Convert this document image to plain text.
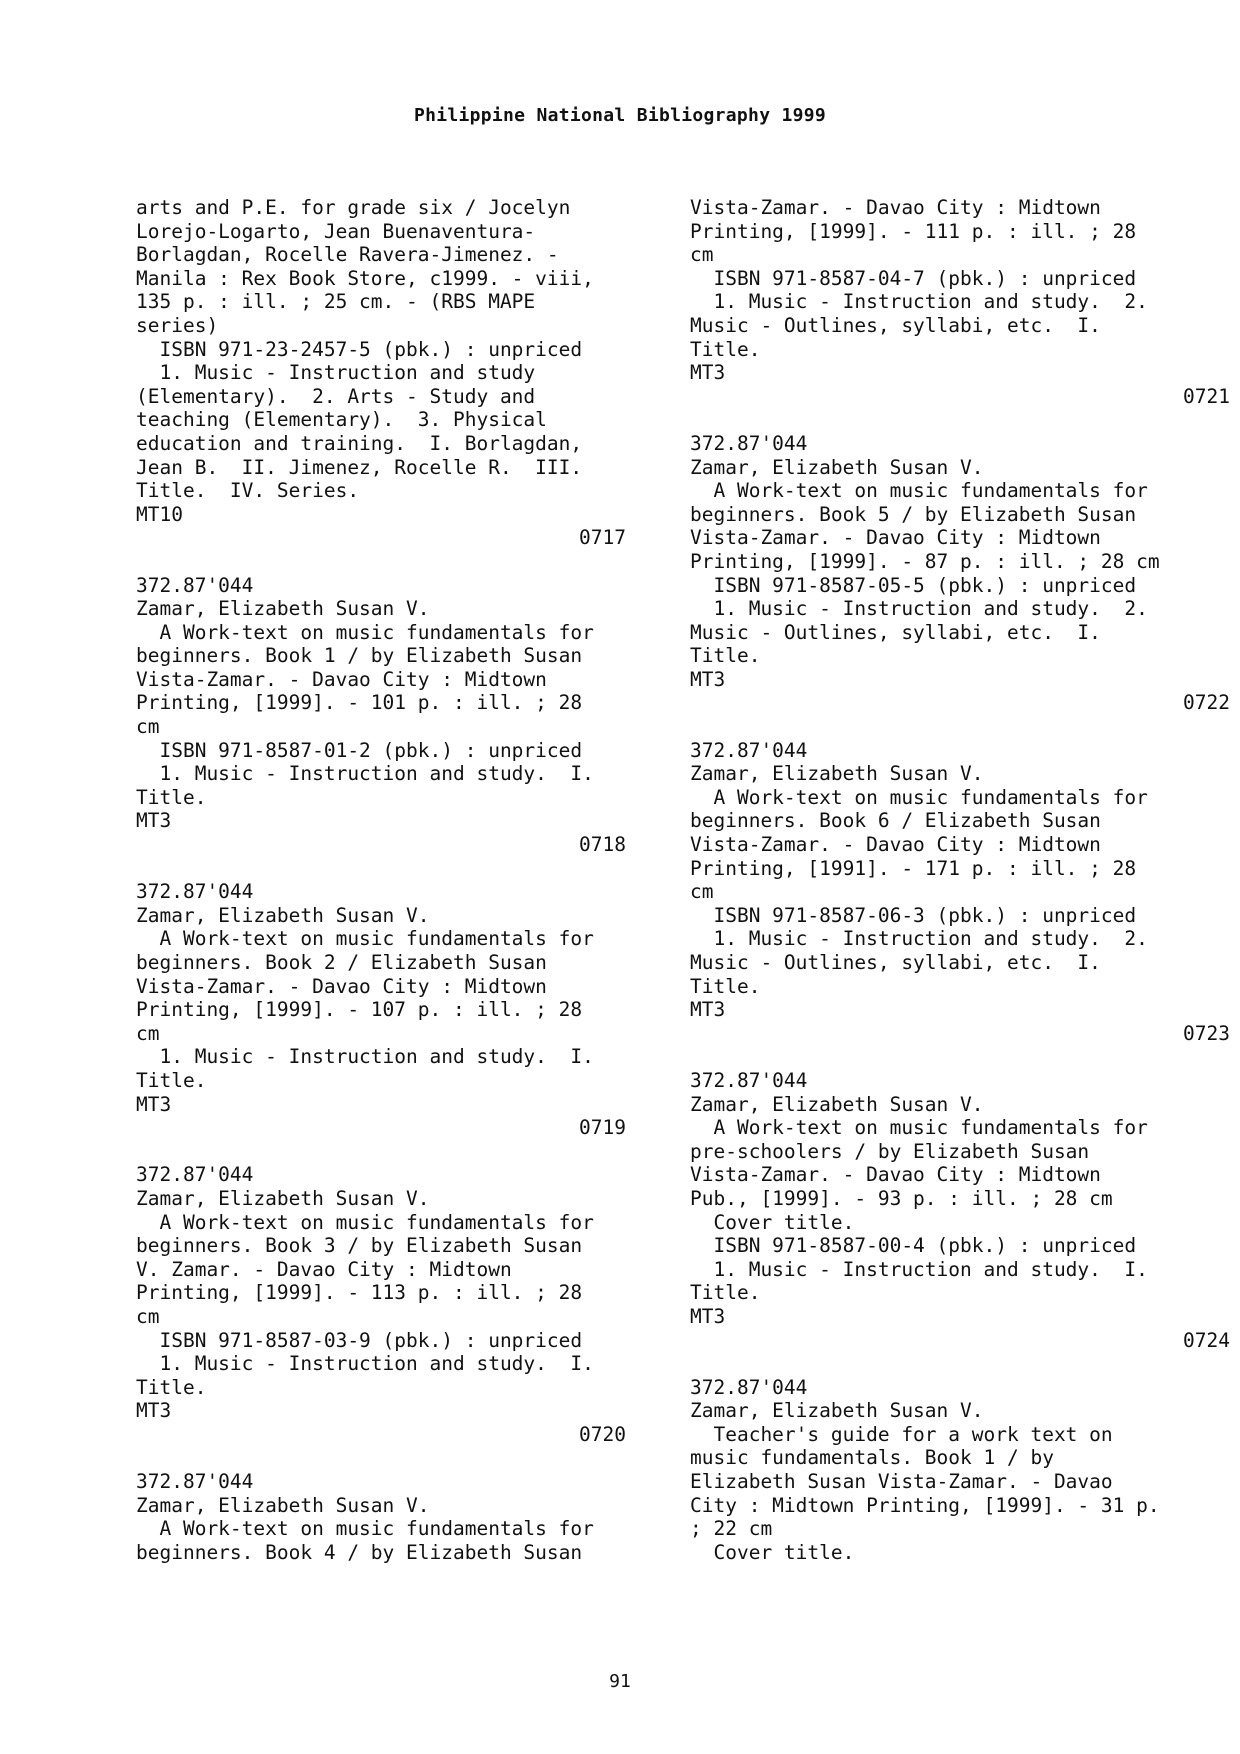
Philippine National Bibliography 1999
arts and P.E. for grade six / Jocelyn
Lorejo-Logarto, Jean Buenaventura-
Borlagdan, Rocelle Ravera-Jimenez. -
Manila : Rex Book Store, c1999. - viii,
135 p. : ill. ; 25 cm. - (RBS MAPE
series)
ISBN 971-23-2457-5 (pbk.) : unpriced
1. Music - Instruction and study
(Elementary).  2. Arts - Study and
teaching (Elementary).  3. Physical
education and training.  I. Borlagdan,
Jean B.  II. Jimenez, Rocelle R.  III.
Title.  IV. Series.
MT10
0717
372.87'044
Zamar, Elizabeth Susan V.
A Work-text on music fundamentals for
beginners. Book 1 / by Elizabeth Susan
Vista-Zamar. - Davao City : Midtown
Printing, [1999]. - 101 p. : ill. ; 28
cm
ISBN 971-8587-01-2 (pbk.) : unpriced
1. Music - Instruction and study.  I.
Title.
MT3
0718
372.87'044
Zamar, Elizabeth Susan V.
A Work-text on music fundamentals for
beginners. Book 2 / Elizabeth Susan
Vista-Zamar. - Davao City : Midtown
Printing, [1999]. - 107 p. : ill. ; 28
cm
1. Music - Instruction and study.  I.
Title.
MT3
0719
372.87'044
Zamar, Elizabeth Susan V.
A Work-text on music fundamentals for
beginners. Book 3 / by Elizabeth Susan
V. Zamar. - Davao City : Midtown
Printing, [1999]. - 113 p. : ill. ; 28
cm
ISBN 971-8587-03-9 (pbk.) : unpriced
1. Music - Instruction and study.  I.
Title.
MT3
0720
372.87'044
Zamar, Elizabeth Susan V.
A Work-text on music fundamentals for
beginners. Book 4 / by Elizabeth Susan
Vista-Zamar. - Davao City : Midtown
Printing, [1999]. - 111 p. : ill. ; 28
cm
ISBN 971-8587-04-7 (pbk.) : unpriced
1. Music - Instruction and study.  2.
Music - Outlines, syllabi, etc.  I.
Title.
MT3
0721
372.87'044
Zamar, Elizabeth Susan V.
A Work-text on music fundamentals for
beginners. Book 5 / by Elizabeth Susan
Vista-Zamar. - Davao City : Midtown
Printing, [1999]. - 87 p. : ill. ; 28 cm
ISBN 971-8587-05-5 (pbk.) : unpriced
1. Music - Instruction and study.  2.
Music - Outlines, syllabi, etc.  I.
Title.
MT3
0722
372.87'044
Zamar, Elizabeth Susan V.
A Work-text on music fundamentals for
beginners. Book 6 / Elizabeth Susan
Vista-Zamar. - Davao City : Midtown
Printing, [1991]. - 171 p. : ill. ; 28
cm
ISBN 971-8587-06-3 (pbk.) : unpriced
1. Music - Instruction and study.  2.
Music - Outlines, syllabi, etc.  I.
Title.
MT3
0723
372.87'044
Zamar, Elizabeth Susan V.
A Work-text on music fundamentals for
pre-schoolers / by Elizabeth Susan
Vista-Zamar. - Davao City : Midtown
Pub., [1999]. - 93 p. : ill. ; 28 cm
Cover title.
ISBN 971-8587-00-4 (pbk.) : unpriced
1. Music - Instruction and study.  I.
Title.
MT3
0724
372.87'044
Zamar, Elizabeth Susan V.
Teacher's guide for a work text on
music fundamentals. Book 1 / by
Elizabeth Susan Vista-Zamar. - Davao
City : Midtown Printing, [1999]. - 31 p.
; 22 cm
Cover title.
91
